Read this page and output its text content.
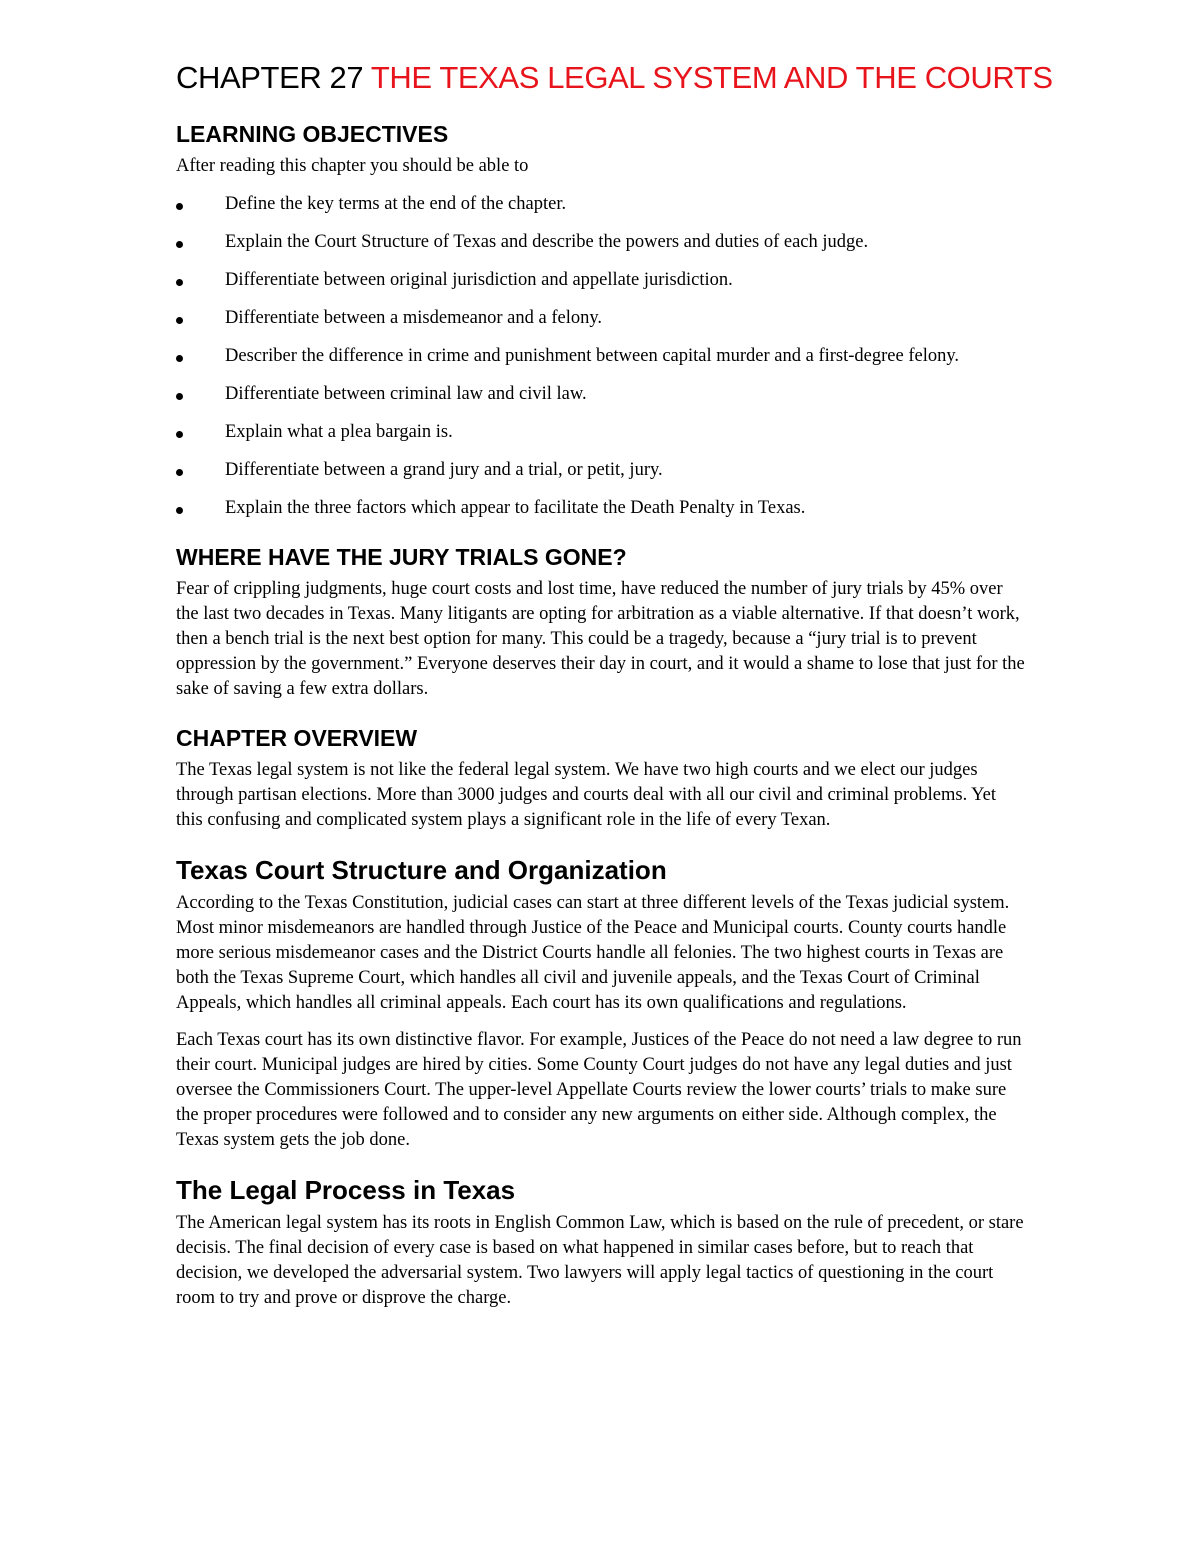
CHAPTER 27 THE TEXAS LEGAL SYSTEM AND THE COURTS
LEARNING OBJECTIVES

After reading this chapter you should be able to

Define the key terms at the end of the chapter.
Explain the Court Structure of Texas and describe the powers and duties of each judge.
Differentiate between original jurisdiction and appellate jurisdiction.
Differentiate between a misdemeanor and a felony.
Describer the difference in crime and punishment between capital murder and a first-degree felony.
Differentiate between criminal law and civil law.
Explain what a plea bargain is.
Differentiate between a grand jury and a trial, or petit, jury.
Explain the three factors which appear to facilitate the Death Penalty in Texas.
WHERE HAVE THE JURY TRIALS GONE?

Fear of crippling judgments, huge court costs and lost time, have reduced the number of jury trials by 45% over the last two decades in Texas. Many litigants are opting for arbitration as a viable alternative. If that doesn’t work, then a bench trial is the next best option for many. This could be a tragedy, because a “jury trial is to prevent oppression by the government.” Everyone deserves their day in court, and it would a shame to lose that just for the sake of saving a few extra dollars.

CHAPTER OVERVIEW

The Texas legal system is not like the federal legal system. We have two high courts and we elect our judges through partisan elections. More than 3000 judges and courts deal with all our civil and criminal problems. Yet this confusing and complicated system plays a significant role in the life of every Texan.

Texas Court Structure and Organization

According to the Texas Constitution, judicial cases can start at three different levels of the Texas judicial system. Most minor misdemeanors are handled through Justice of the Peace and Municipal courts. County courts handle more serious misdemeanor cases and the District Courts handle all felonies. The two highest courts in Texas are both the Texas Supreme Court, which handles all civil and juvenile appeals, and the Texas Court of Criminal Appeals, which handles all criminal appeals. Each court has its own qualifications and regulations.

Each Texas court has its own distinctive flavor. For example, Justices of the Peace do not need a law degree to run their court. Municipal judges are hired by cities. Some County Court judges do not have any legal duties and just oversee the Commissioners Court. The upper-level Appellate Courts review the lower courts’ trials to make sure the proper procedures were followed and to consider any new arguments on either side. Although complex, the Texas system gets the job done.

The Legal Process in Texas

The American legal system has its roots in English Common Law, which is based on the rule of precedent, or stare decisis. The final decision of every case is based on what happened in similar cases before, but to reach that decision, we developed the adversarial system. Two lawyers will apply legal tactics of questioning in the court room to try and prove or disprove the charge.
